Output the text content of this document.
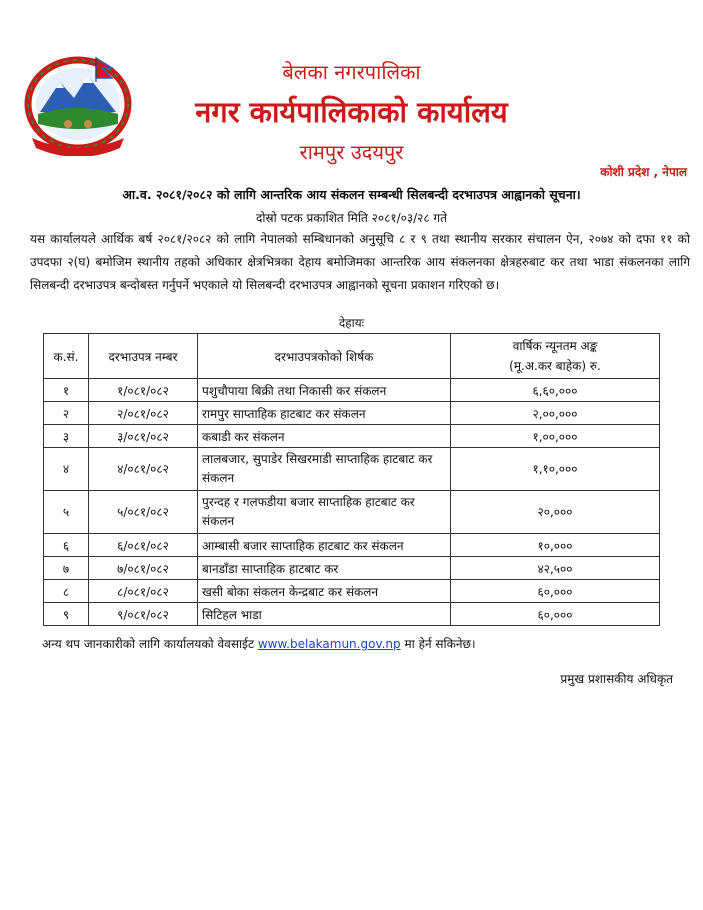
बेलका नगरपालिका
नगर कार्यपालिकाको कार्यालय
रामपुर उदयपुर
कोशी प्रदेश , नेपाल
आ.व. २०८१/२०८२ को लागि आन्तरिक आय संकलन सम्बन्धी सिलबन्दी दरभाउपत्र आह्वानको सूचना।
दोस्रो पटक प्रकाशित मिति २०८१/०३/२८ गते
यस कार्यालयले आर्थिक बर्ष २०८१/२०८२ को लागि नेपालको सम्बिधानको अनुसूचि ८ र ९ तथा स्थानीय सरकार संचालन ऐन, २०७४ को दफा ११ को उपदफा २(घ) बमोजिम स्थानीय तहको अधिकार क्षेत्रभित्रका देहाय बमोजिमका आन्तरिक आय संकलनका क्षेत्रहरुबाट कर तथा भाडा संकलनका लागि सिलबन्दी दरभाउपत्र बन्दोबस्त गर्नुपर्ने भएकाले यो सिलबन्दी दरभाउपत्र आह्वानको सूचना प्रकाशन गरिएको छ।
देहायः
क.सं.	दरभाउपत्र नम्बर	दरभाउपत्रकोको शिर्षक	वार्षिक न्यूनतम अङ्क
(मू.अ.कर बाहेक) रु.

१	१/०८१/०८२	पशुचौपाया बिक्री तथा निकासी कर संकलन	६,६०,०००
२	२/०८१/०८२	रामपुर साप्ताहिक हाटबाट कर संकलन	२,००,०००
३	३/०८१/०८२	कबाडी कर संकलन	१,००,०००
४	४/०८१/०८२	लालबजार, सुपाडेर सिखरमाडी साप्ताहिक हाटबाट कर संकलन	१,१०,०००
५	५/०८१/०८२	पुरन्दह र गलफडीया बजार साप्ताहिक हाटबाट कर संकलन	२०,०००
६	६/०८१/०८२	आम्बासी बजार साप्ताहिक हाटबाट कर संकलन	१०,०००
७	७/०८१/०८२	बानडाँडा साप्ताहिक हाटबाट कर	४२,५००
८	८/०८१/०८२	खसी बोका संकलन केन्द्रबाट कर संकलन	६०,०००
९	९/०८१/०८२	सिटिहल भाडा	६०,०००
अन्य थप जानकारीको लागि कार्यालयको वेवसाईट www.belakamun.gov.np मा हेर्न सकिनेछ।
प्रमुख प्रशासकीय अधिकृत
